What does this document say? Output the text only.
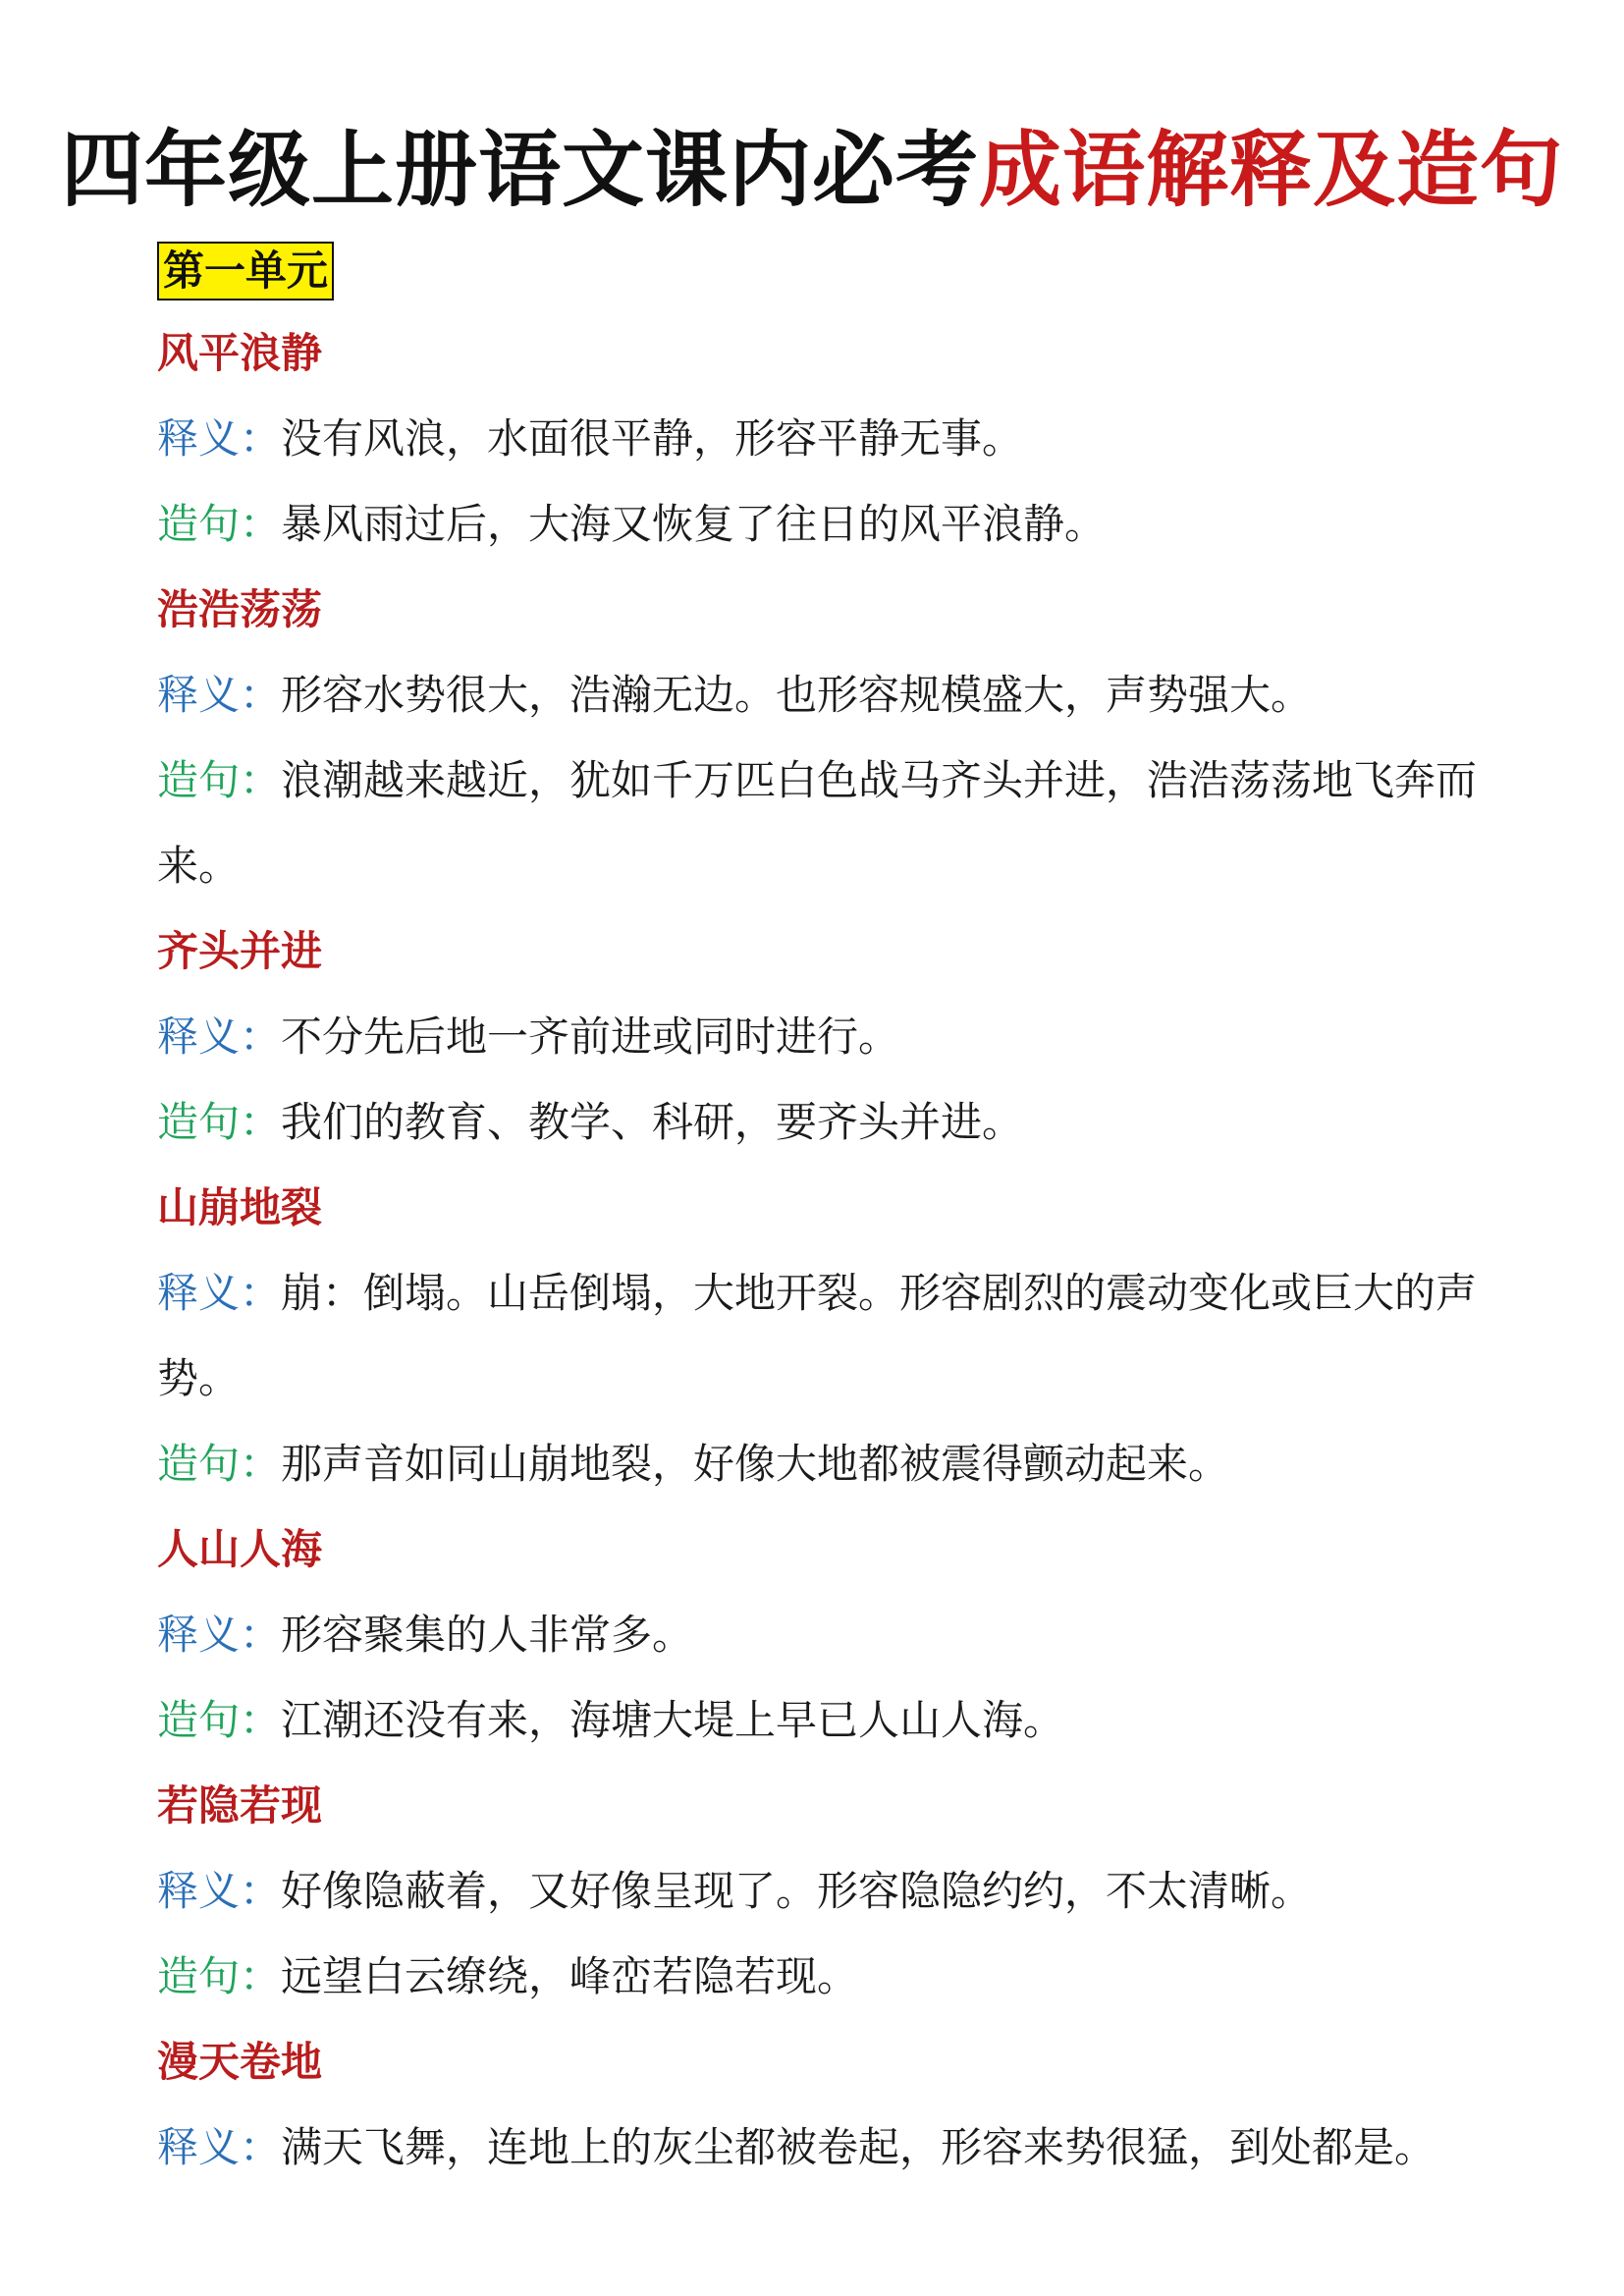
四年级上册语文课内必考成语解释及造句
第一单元
风平浪静
释义：没有风浪，水面很平静，形容平静无事。
造句：暴风雨过后，大海又恢复了往日的风平浪静。
浩浩荡荡
释义：形容水势很大，浩瀚无边。也形容规模盛大，声势强大。
造句：浪潮越来越近，犹如千万匹白色战马齐头并进，浩浩荡荡地飞奔而来。
齐头并进
释义：不分先后地一齐前进或同时进行。
造句：我们的教育、教学、科研，要齐头并进。
山崩地裂
释义：崩：倒塌。山岳倒塌，大地开裂。形容剧烈的震动变化或巨大的声势。
造句：那声音如同山崩地裂，好像大地都被震得颤动起来。
人山人海
释义：形容聚集的人非常多。
造句：江潮还没有来，海塘大堤上早已人山人海。
若隐若现
释义：好像隐蔽着，又好像呈现了。形容隐隐约约，不太清晰。
造句：远望白云缭绕，峰峦若隐若现。
漫天卷地
释义：满天飞舞，连地上的灰尘都被卷起，形容来势很猛，到处都是。
